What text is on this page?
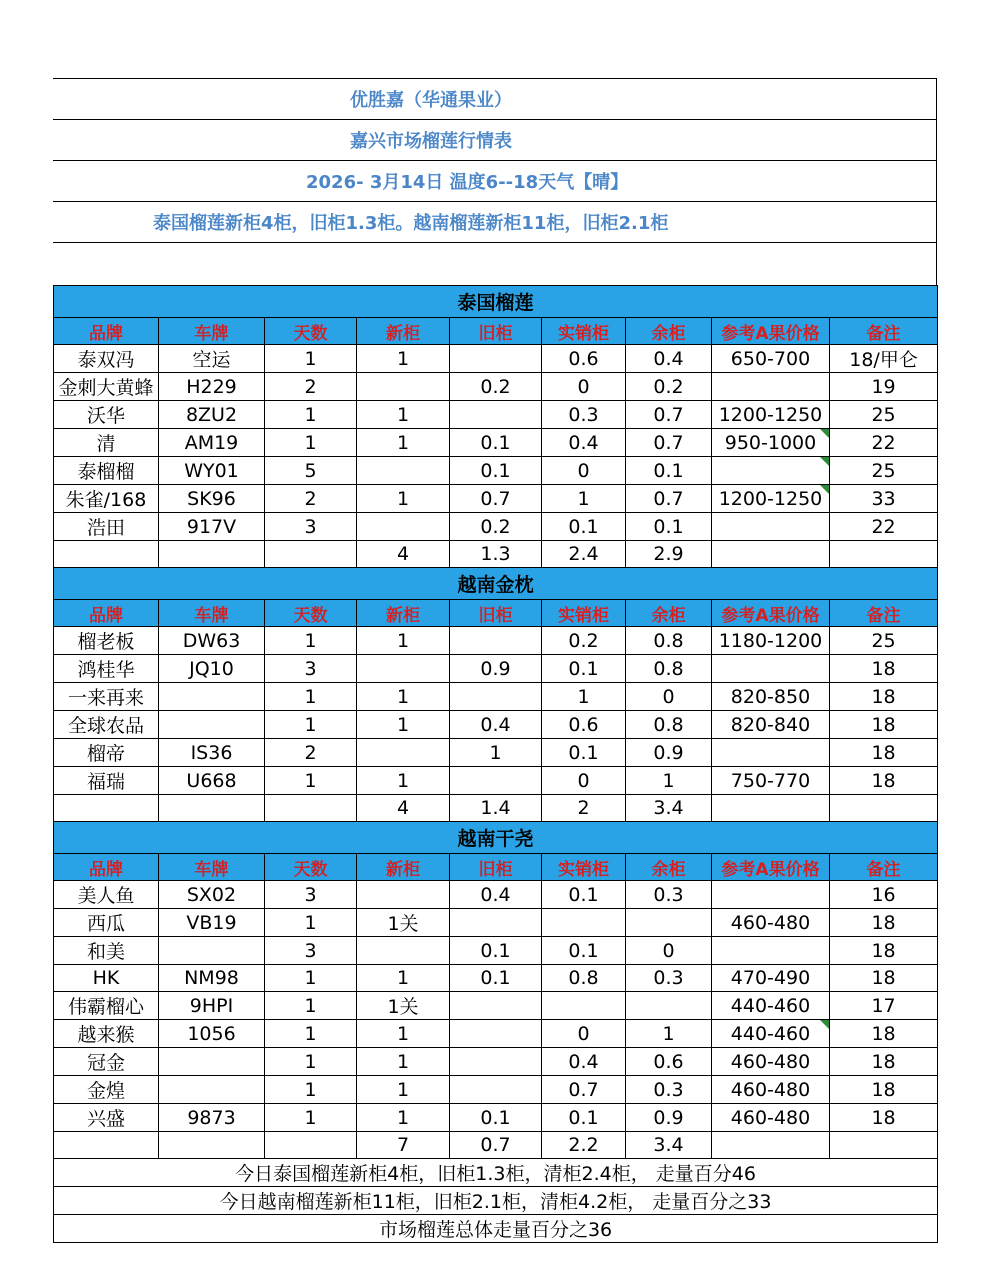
优胜嘉（华通果业）
嘉兴市场榴莲行情表
2026- 3月14日 温度6--18天气【晴】
泰国榴莲新柜4柜，旧柜1.3柜。越南榴莲新柜11柜，旧柜2.1柜
泰国榴莲								
品牌	车牌	天数	新柜	旧柜	实销柜	余柜	参考A果价格	备注
泰双冯	空运	1	1		0.6	0.4	650-700	18/甲仑
金刺大黄蜂	H229	2		0.2	0	0.2		19
沃华	8ZU2	1	1		0.3	0.7	1200-1250	25
清	AM19	1	1	0.1	0.4	0.7	950-1000	22
泰榴榴	WY01	5		0.1	0	0.1		25
朱雀/168	SK96	2	1	0.7	1	0.7	1200-1250	33
浩田	917V	3		0.2	0.1	0.1		22
			4	1.3	2.4	2.9		
越南金枕								
品牌	车牌	天数	新柜	旧柜	实销柜	余柜	参考A果价格	备注
榴老板	DW63	1	1		0.2	0.8	1180-1200	25
鸿桂华	JQ10	3		0.9	0.1	0.8		18
一来再来		1	1		1	0	820-850	18
全球农品		1	1	0.4	0.6	0.8	820-840	18
榴帝	IS36	2		1	0.1	0.9		18
福瑞	U668	1	1		0	1	750-770	18
			4	1.4	2	3.4		
越南干尧								
品牌	车牌	天数	新柜	旧柜	实销柜	余柜	参考A果价格	备注
美人鱼	SX02	3		0.4	0.1	0.3		16
西瓜	VB19	1	1关				460-480	18
和美		3		0.1	0.1	0		18
HK	NM98	1	1	0.1	0.8	0.3	470-490	18
伟霸榴心	9HPI	1	1关				440-460	17
越来猴	1056	1	1		0	1	440-460	18
冠金		1	1		0.4	0.6	460-480	18
金煌		1	1		0.7	0.3	460-480	18
兴盛	9873	1	1	0.1	0.1	0.9	460-480	18
			7	0.7	2.2	3.4		
今日泰国榴莲新柜4柜，旧柜1.3柜，清柜2.4柜， 走量百分46								
今日越南榴莲新柜11柜，旧柜2.1柜，清柜4.2柜， 走量百分之33								
市场榴莲总体走量百分之36								
